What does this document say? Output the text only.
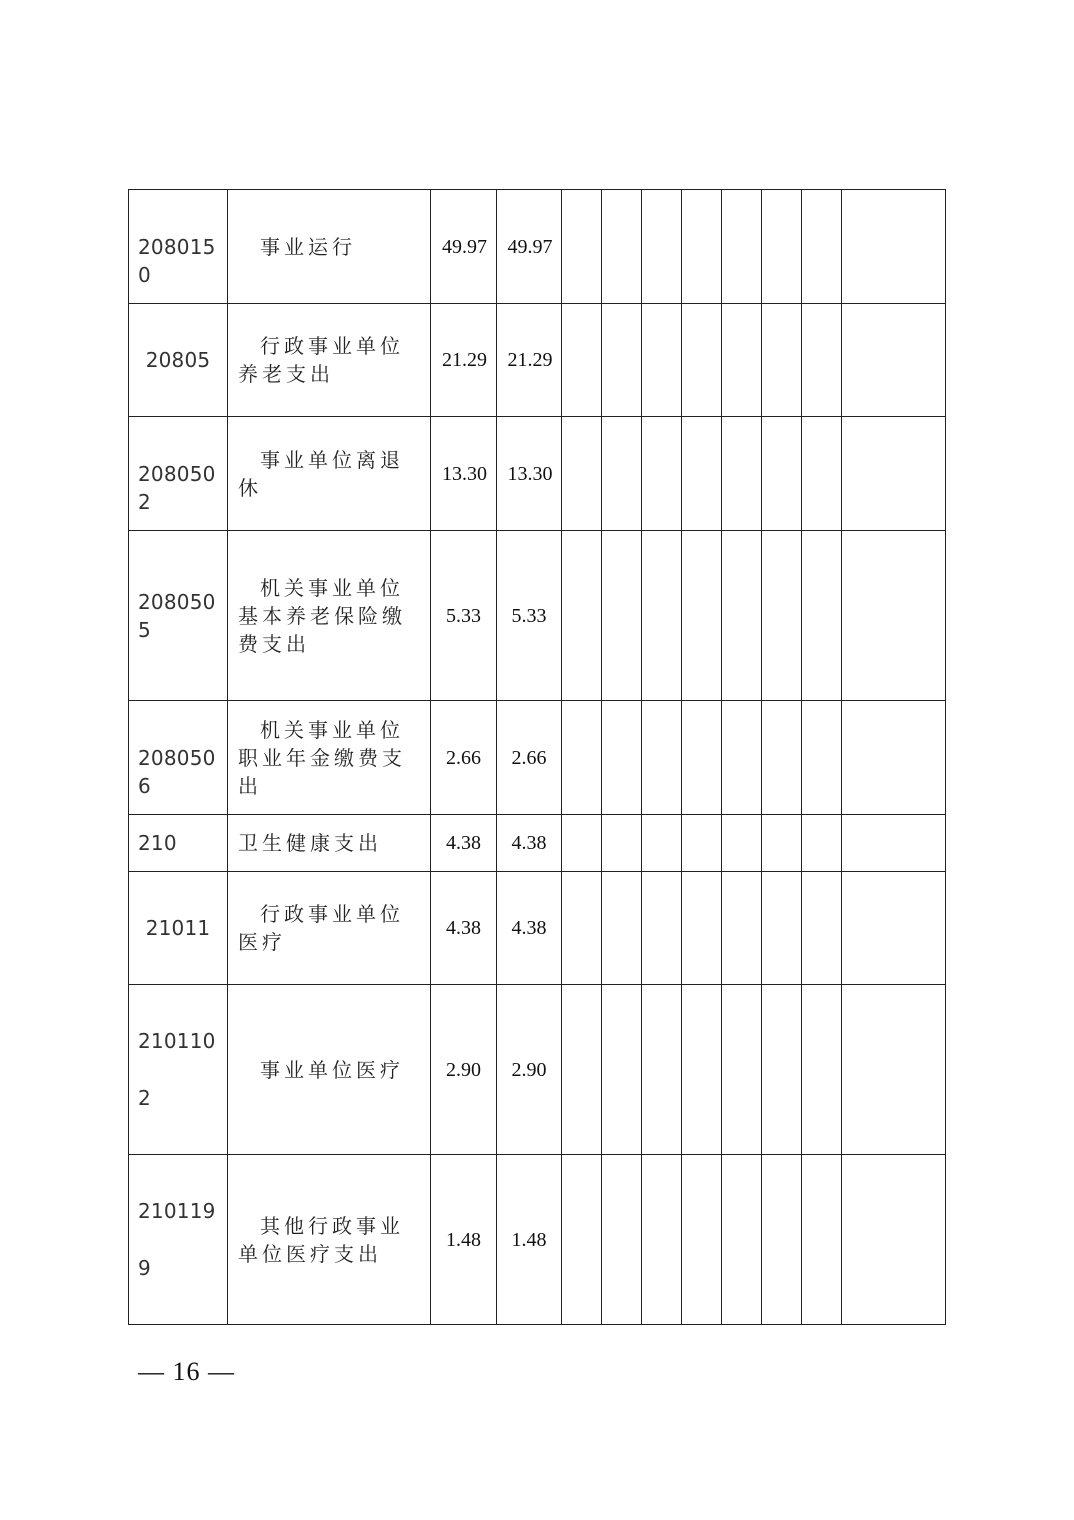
2080150	事业运行	49.97	49.97								
20805	行政事业单位养老支出	21.29	21.29								
2080502	事业单位离退休	13.30	13.30								
2080505	机关事业单位基本养老保险缴费支出	5.33	5.33								
2080506	机关事业单位职业年金缴费支出	2.66	2.66								
210	卫生健康支出	4.38	4.38								
21011	行政事业单位医疗	4.38	4.38								
2101102	事业单位医疗	2.90	2.90								
2101199	其他行政事业单位医疗支出	1.48	1.48								
— 16 —
